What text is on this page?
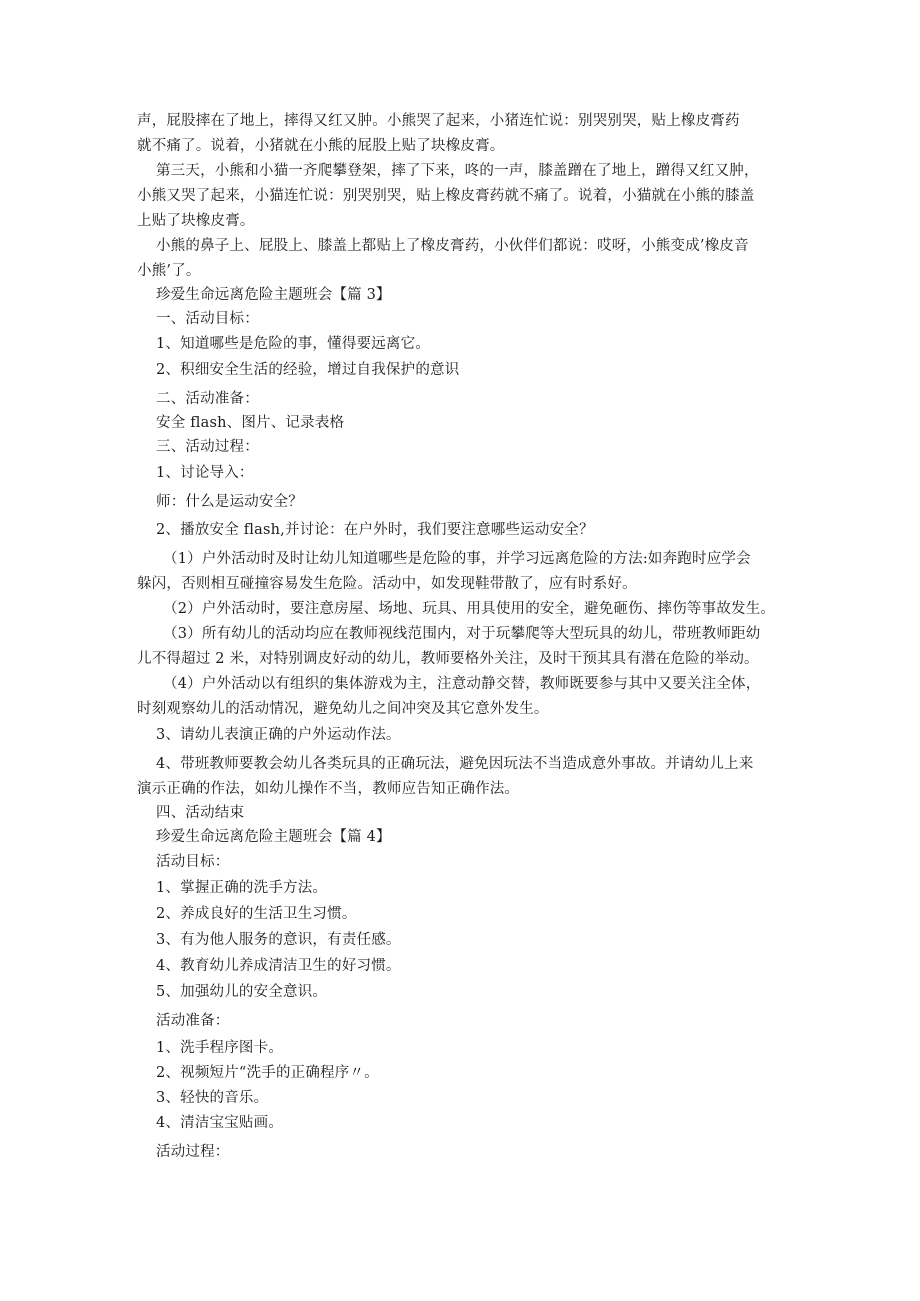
声，屁股摔在了地上，摔得又红又肿。小熊哭了起来，小猪连忙说：别哭别哭，贴上橡皮膏药
就不痛了。说着，小猪就在小熊的屁股上贴了块橡皮膏。
第三天，小熊和小猫一齐爬攀登架，摔了下来，咚的一声，膝盖蹭在了地上，蹭得又红又肿，
小熊又哭了起来，小猫连忙说：别哭别哭，贴上橡皮膏药就不痛了。说着，小猫就在小熊的膝盖
上贴了块橡皮膏。
小熊的鼻子上、屁股上、膝盖上都贴上了橡皮膏药，小伙伴们都说：哎呀，小熊变成’橡皮音
小熊’了。
珍爱生命远离危险主题班会【篇 3】
一、活动目标：
1、知道哪些是危险的事，懂得要远离它。
2、积细安全生活的经验，增过自我保护的意识
二、活动准备：
安全 flash、图片、记录表格
三、活动过程：
1、讨论导入：
师：什么是运动安全？
2、播放安全 flash,并讨论：在户外时，我们要注意哪些运动安全？
（1）户外活动时及时让幼儿知道哪些是危险的事，并学习远离危险的方法:如奔跑时应学会
躲闪，否则相互碰撞容易发生危险。活动中，如发现鞋带散了，应有时系好。
（2）户外活动时，要注意房屋、场地、玩具、用具使用的安全，避免砸伤、摔伤等事故发生。
（3）所有幼儿的活动均应在教师视线范围内，对于玩攀爬等大型玩具的幼儿，带班教师距幼
儿不得超过 2 米，对特别调皮好动的幼儿，教师要格外关注，及时干预其具有潜在危险的举动。
（4）户外活动以有组织的集体游戏为主，注意动静交替，教师既要参与其中又要关注全体，
时刻观察幼儿的活动情况，避免幼儿之间冲突及其它意外发生。
3、请幼儿表演正确的户外运动作法。
4、带班教师要教会幼儿各类玩具的正确玩法，避免因玩法不当造成意外事故。并请幼儿上来
演示正确的作法，如幼儿操作不当，教师应告知正确作法。
四、活动结束
珍爱生命远离危险主题班会【篇 4】
活动目标：
1、掌握正确的洗手方法。
2、养成良好的生活卫生习惯。
3、有为他人服务的意识，有责任感。
4、教育幼儿养成清洁卫生的好习惯。
5、加强幼儿的安全意识。
活动准备：
1、洗手程序图卡。
2、视频短片“洗手的正确程序〃。
3、轻快的音乐。
4、清洁宝宝贴画。
活动过程：
